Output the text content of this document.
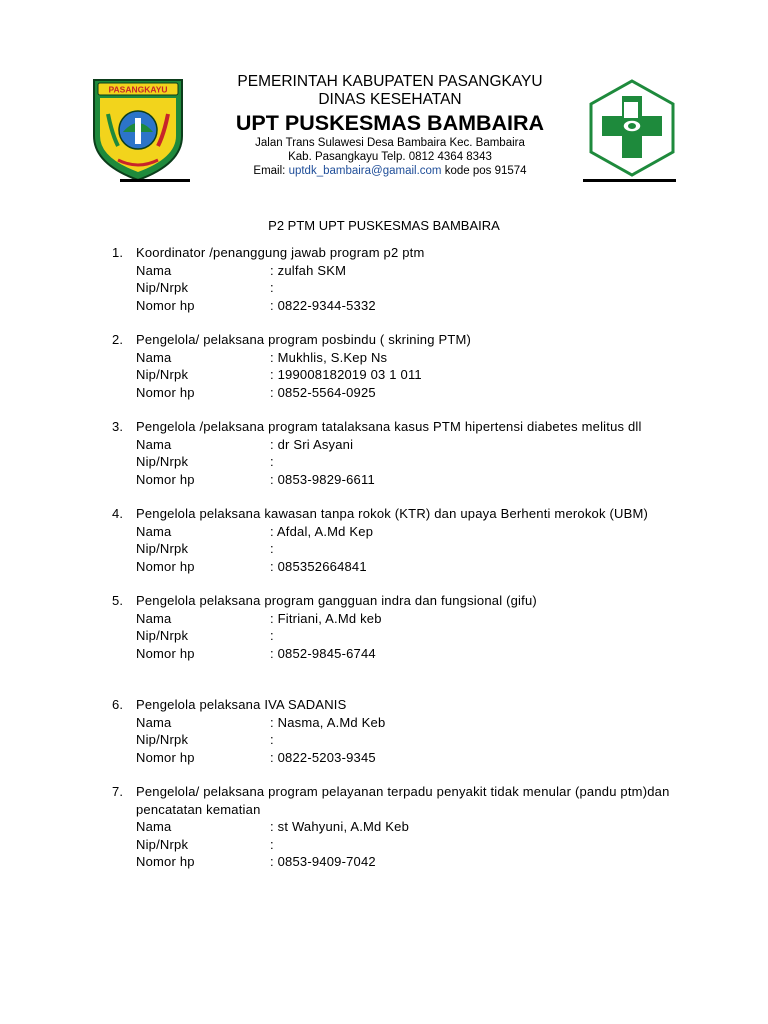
PASANGKAYU	PEMERINTAH KABUPATEN PASANGKAYU
DINAS KESEHATAN
UPT PUSKESMAS BAMBAIRA
Jalan Trans Sulawesi Desa Bambaira Kec. Bambaira
Kab. Pasangkayu Telp. 0812 4364 8343
Email: uptdk_bambaira@gamail.com kode pos 91574
P2 PTM UPT PUSKESMAS BAMBAIRA
1. Koordinator /penanggung jawab program p2 ptm
Nama	: zulfah SKM
Nip/Nrpk	:
Nomor hp	: 0822-9344-5332
2. Pengelola/ pelaksana program posbindu ( skrining PTM)
Nama	: Mukhlis, S.Kep Ns
Nip/Nrpk	: 199008182019 03 1 011
Nomor hp	: 0852-5564-0925
3. Pengelola /pelaksana program tatalaksana kasus PTM hipertensi diabetes melitus dll
Nama	: dr Sri Asyani
Nip/Nrpk	:
Nomor hp	: 0853-9829-6611
4. Pengelola pelaksana kawasan tanpa rokok (KTR) dan upaya Berhenti merokok (UBM)
Nama	: Afdal, A.Md Kep
Nip/Nrpk	:
Nomor hp	: 085352664841
5. Pengelola pelaksana program gangguan indra dan fungsional (gifu)
Nama	: Fitriani, A.Md keb
Nip/Nrpk	:
Nomor hp	: 0852-9845-6744
6. Pengelola pelaksana IVA SADANIS
Nama	: Nasma, A.Md Keb
Nip/Nrpk	:
Nomor hp	: 0822-5203-9345
7. Pengelola/ pelaksana program pelayanan terpadu penyakit tidak menular (pandu ptm)dan pencatatan kematian
Nama	: st Wahyuni, A.Md Keb
Nip/Nrpk	:
Nomor hp	: 0853-9409-7042
